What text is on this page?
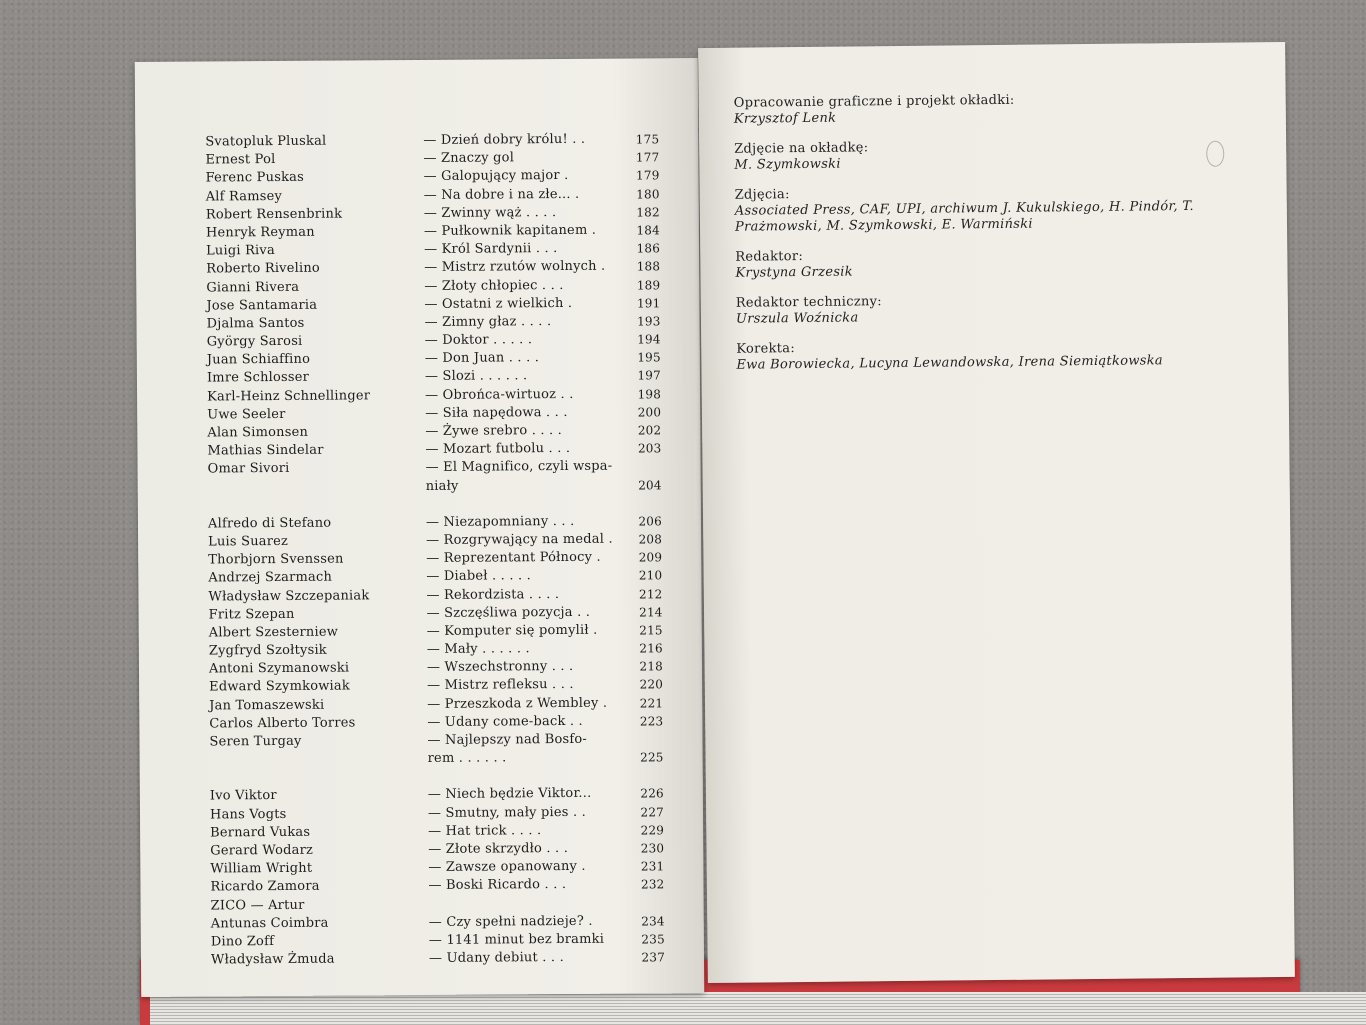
Svatopluk Pluskal	— Dzień dobry królu! . .	175
Ernest Pol	— Znaczy gol	177
Ferenc Puskas	— Galopujący major .	179
Alf Ramsey	— Na dobre i na złe... .	180
Robert Rensenbrink	— Zwinny wąż . . . .	182
Henryk Reyman	— Pułkownik kapitanem .	184
Luigi Riva	— Król Sardynii . . .	186
Roberto Rivelino	— Mistrz rzutów wolnych .	188
Gianni Rivera	— Złoty chłopiec . . .	189
Jose Santamaria	— Ostatni z wielkich .	191
Djalma Santos	— Zimny głaz . . . .	193
György Sarosi	— Doktor . . . . .	194
Juan Schiaffino	— Don Juan . . . .	195
Imre Schlosser	— Slozi . . . . . .	197
Karl-Heinz Schnellinger	— Obrońca-wirtuoz . .	198
Uwe Seeler	— Siła napędowa . . .	200
Alan Simonsen	— Żywe srebro . . . .	202
Mathias Sindelar	— Mozart futbolu . . .	203
Omar Sivori	— El Magnifico, czyli wspa-
niały	204
Alfredo di Stefano	— Niezapomniany . . .	206
Luis Suarez	— Rozgrywający na medal .	208
Thorbjorn Svenssen	— Reprezentant Północy .	209
Andrzej Szarmach	— Diabeł . . . . .	210
Władysław Szczepaniak	— Rekordzista . . . .	212
Fritz Szepan	— Szczęśliwa pozycja . .	214
Albert Szesterniew	— Komputer się pomylił .	215
Zygfryd Szołtysik	— Mały . . . . . .	216
Antoni Szymanowski	— Wszechstronny . . .	218
Edward Szymkowiak	— Mistrz refleksu . . .	220
Jan Tomaszewski	— Przeszkoda z Wembley .	221
Carlos Alberto Torres	— Udany come-back . .	223
Seren Turgay	— Najlepszy nad Bosfo-
rem . . . . . .	225
Ivo Viktor	— Niech będzie Viktor...	226
Hans Vogts	— Smutny, mały pies . .	227
Bernard Vukas	— Hat trick . . . .	229
Gerard Wodarz	— Złote skrzydło . . .	230
William Wright	— Zawsze opanowany .	231
Ricardo Zamora	— Boski Ricardo . . .	232
ZICO — Artur
Antunas Coimbra	— Czy spełni nadzieje? .	234
Dino Zoff	— 1141 minut bez bramki	235
Władysław Żmuda	— Udany debiut . . .	237
Opracowanie graficzne i projekt okładki:
Krzysztof Lenk
Zdjęcie na okładkę:
M. Szymkowski
Zdjęcia:
Associated Press, CAF, UPI, archiwum J. Kukulskiego, H. Pindór, T. Prażmowski, M. Szymkowski, E. Warmiński
Redaktor:
Krystyna Grzesik
Redaktor techniczny:
Urszula Woźnicka
Korekta:
Ewa Borowiecka, Lucyna Lewandowska, Irena Siemiątkowska
